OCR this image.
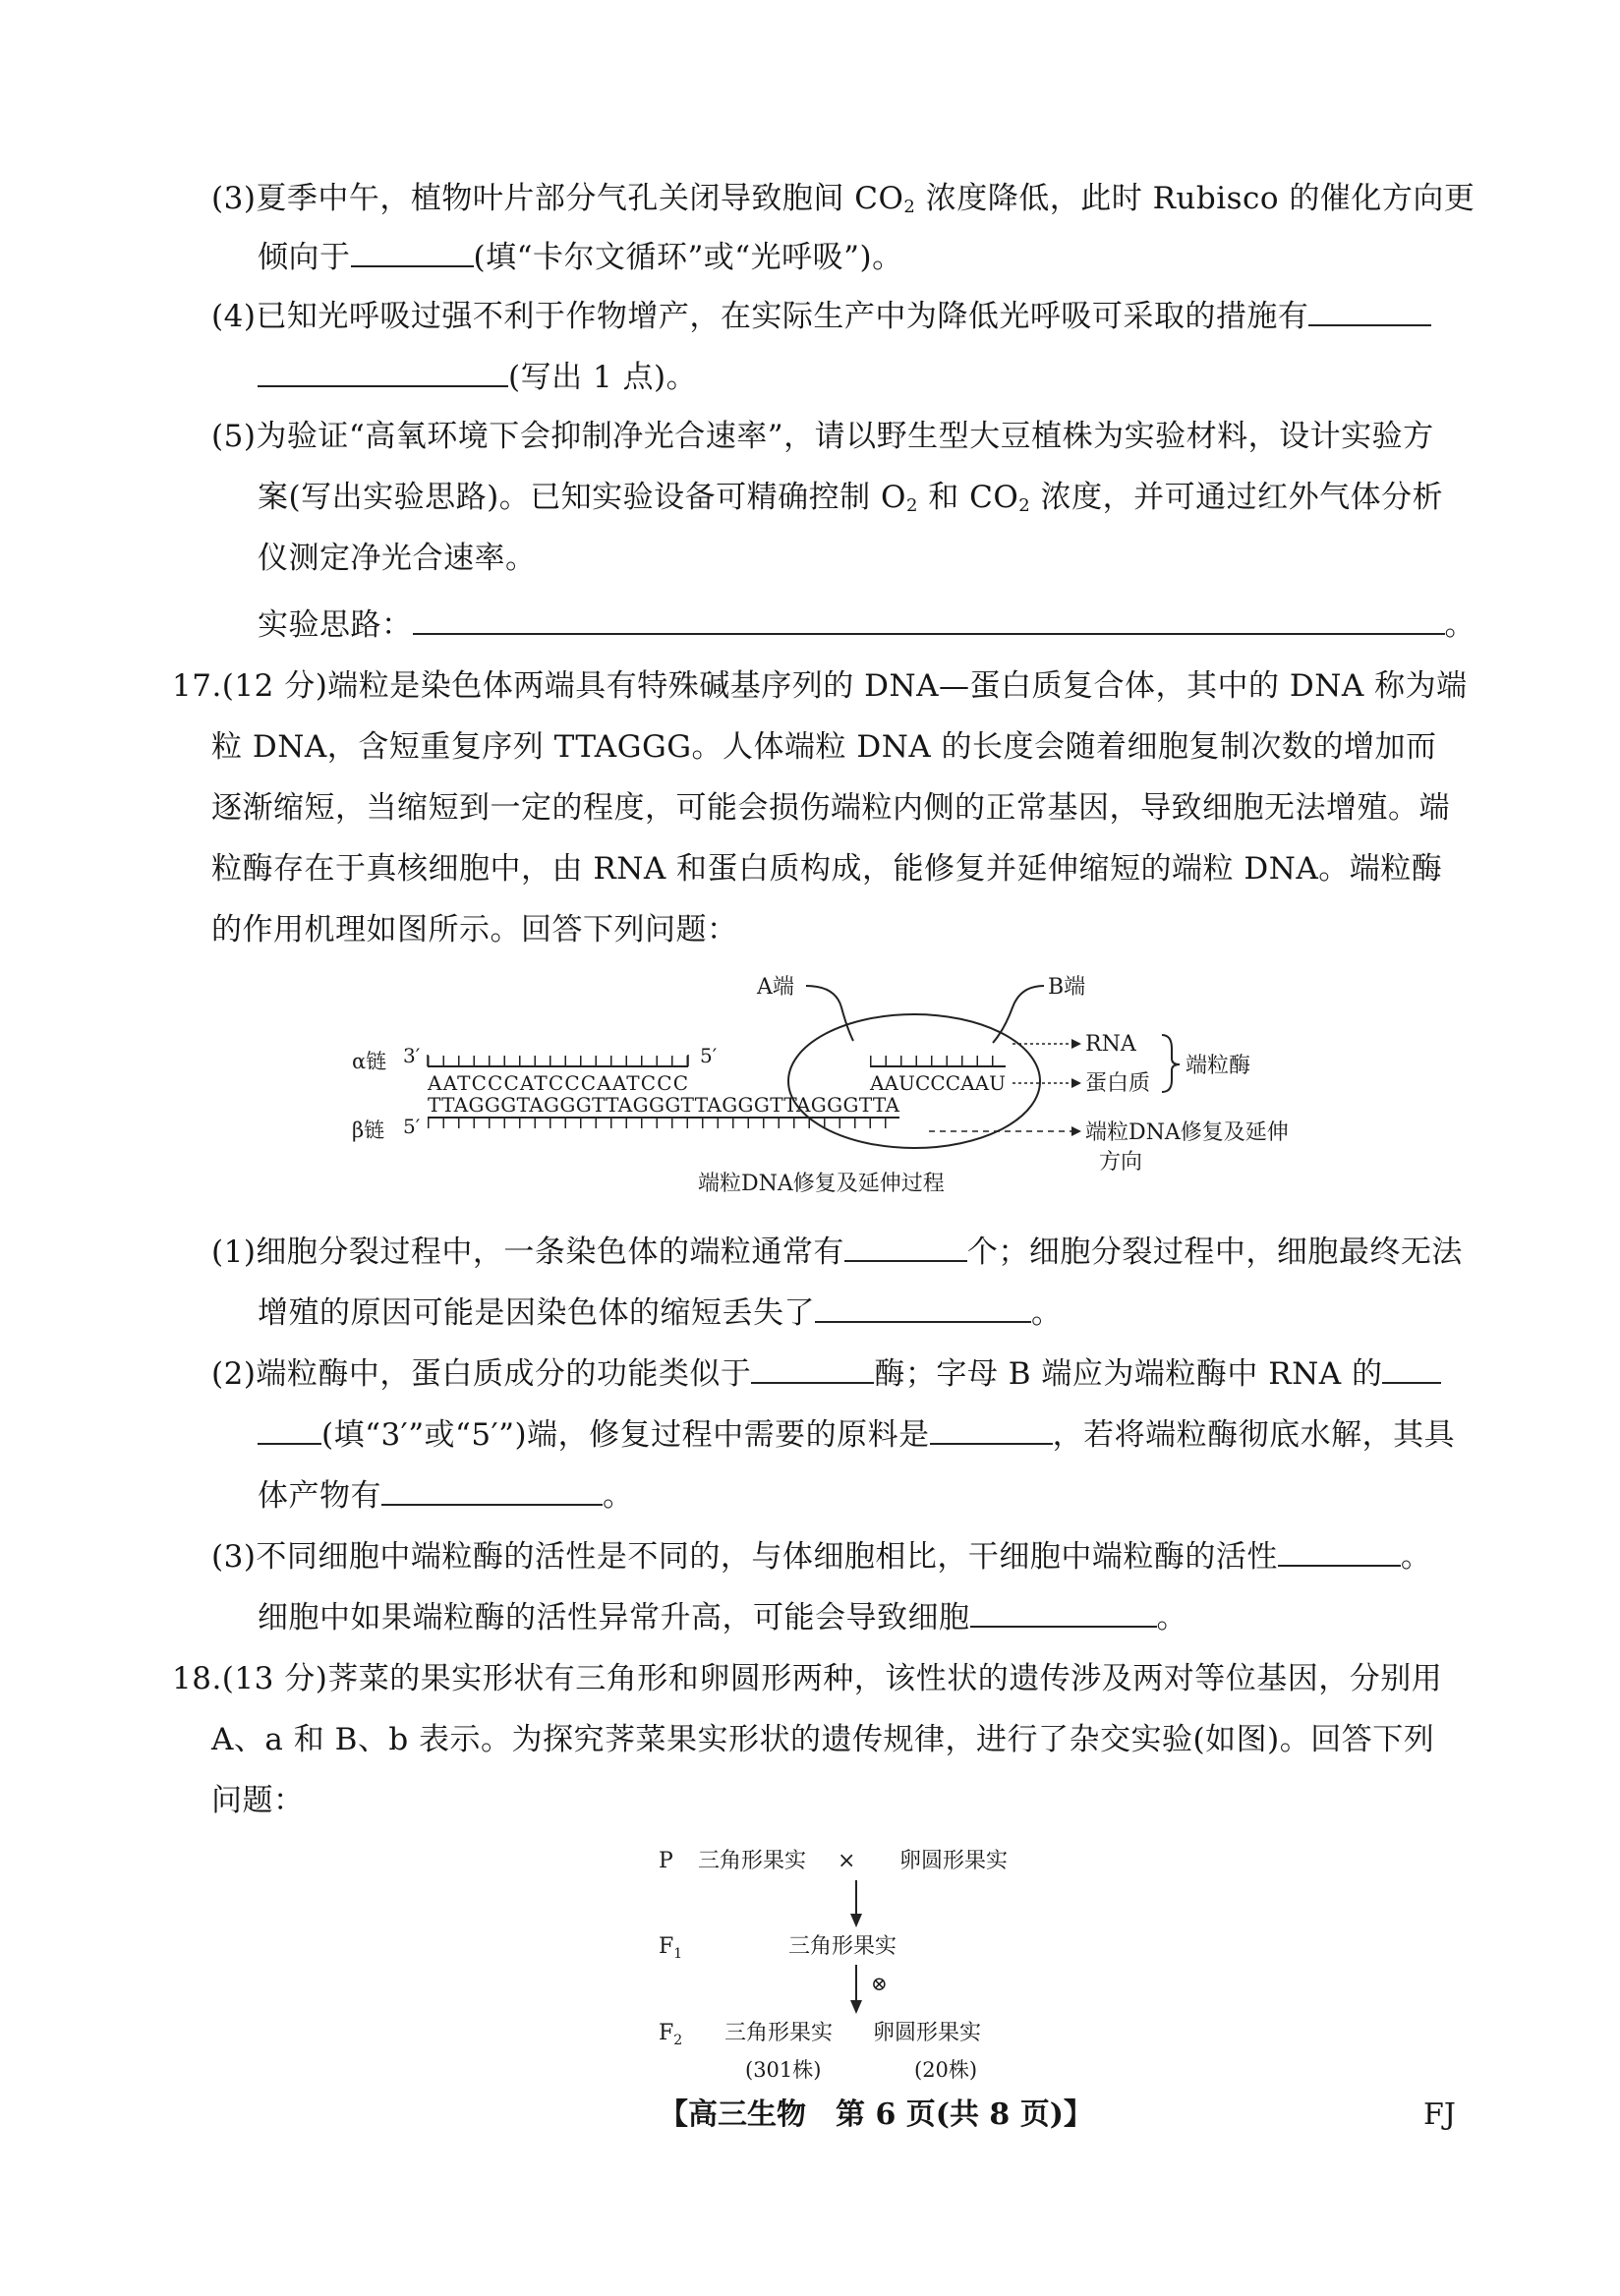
(3)夏季中午，植物叶片部分气孔关闭导致胞间 $CO_2$ 浓度降低，此时 Rubisco 的催化方向更
倾向于	(填“卡尔文循环”或“光呼吸”)。
(4)已知光呼吸过强不利于作物增产，在实际生产中为降低光呼吸可采取的措施有
(写出 1 点)。
(5)为验证“高氧环境下会抑制净光合速率”，请以野生型大豆植株为实验材料，设计实验方
案(写出实验思路)。已知实验设备可精确控制 $O_2$ 和 $CO_2$ 浓度，并可通过红外气体分析
仪测定净光合速率。
实验思路：	。
17.(12 分)端粒是染色体两端具有特殊碱基序列的 DNA—蛋白质复合体，其中的 DNA 称为端
粒 DNA，含短重复序列 TTAGGG。人体端粒 DNA 的长度会随着细胞复制次数的增加而
逐渐缩短，当缩短到一定的程度，可能会损伤端粒内侧的正常基因，导致细胞无法增殖。端
粒酶存在于真核细胞中，由 RNA 和蛋白质构成，能修复并延伸缩短的端粒 DNA。端粒酶
的作用机理如图所示。回答下列问题：
A端	B端
α链 3′	5′
AATCCCATCCCAATCCC	AAUCCCAAU
TTAGGGTAGGGTTAGGGTTAGGGTTAGGGTTA
β链 5′
RNA
蛋白质
端粒酶
端粒DNA修复及延伸
方向
端粒DNA修复及延伸过程
(1)细胞分裂过程中，一条染色体的端粒通常有	个；细胞分裂过程中，细胞最终无法
增殖的原因可能是因染色体的缩短丢失了	。
(2)端粒酶中，蛋白质成分的功能类似于	酶；字母 B 端应为端粒酶中 RNA 的
(填“3′”或“5′”)端，修复过程中需要的原料是	，若将端粒酶彻底水解，其具
体产物有	。
(3)不同细胞中端粒酶的活性是不同的，与体细胞相比，干细胞中端粒酶的活性	。
细胞中如果端粒酶的活性异常升高，可能会导致细胞	。
18.(13 分)荠菜的果实形状有三角形和卵圆形两种，该性状的遗传涉及两对等位基因，分别用
A、a 和 B、b 表示。为探究荠菜果实形状的遗传规律，进行了杂交实验(如图)。回答下列
问题：
P 三角形果实 × 卵圆形果实
$F_1$	三角形果实
⊗
$F_2$ 三角形果实 卵圆形果实
(301株)	(20株)
【高三生物　第 6 页(共 8 页)】	FJ
